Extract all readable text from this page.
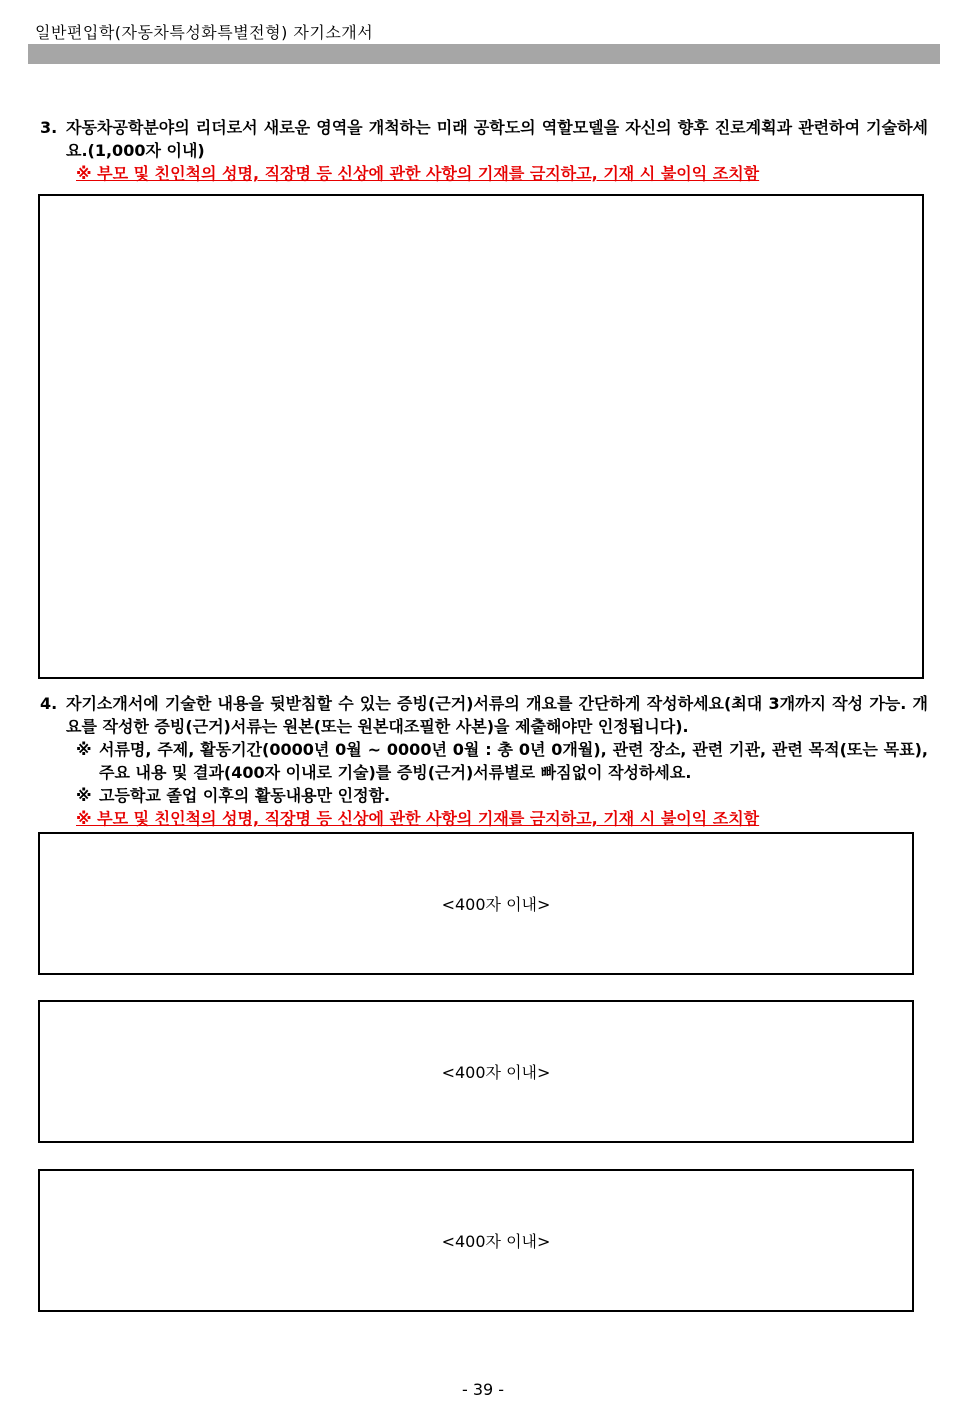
일반편입학(자동차특성화특별전형) 자기소개서
3. 자동차공학분야의 리더로서 새로운 영역을 개척하는 미래 공학도의 역할모델을 자신의 향후 진로계획과 관련하여 기술하세요.(1,000자 이내)
※ 부모 및 친인척의 성명, 직장명 등 신상에 관한 사항의 기재를 금지하고, 기재 시 불이익 조치함
4. 자기소개서에 기술한 내용을 뒷받침할 수 있는 증빙(근거)서류의 개요를 간단하게 작성하세요(최대 3개까지 작성 가능. 개요를 작성한 증빙(근거)서류는 원본(또는 원본대조필한 사본)을 제출해야만 인정됩니다).
※ 서류명, 주제, 활동기간(0000년 0월 ~ 0000년 0월 : 총 0년 0개월), 관련 장소, 관련 기관, 관련 목적(또는 목표), 주요 내용 및 결과(400자 이내로 기술)를 증빙(근거)서류별로 빠짐없이 작성하세요.
※ 고등학교 졸업 이후의 활동내용만 인정함.
※ 부모 및 친인척의 성명, 직장명 등 신상에 관한 사항의 기재를 금지하고, 기재 시 불이익 조치함
<400자 이내>
<400자 이내>
<400자 이내>
- 39 -
